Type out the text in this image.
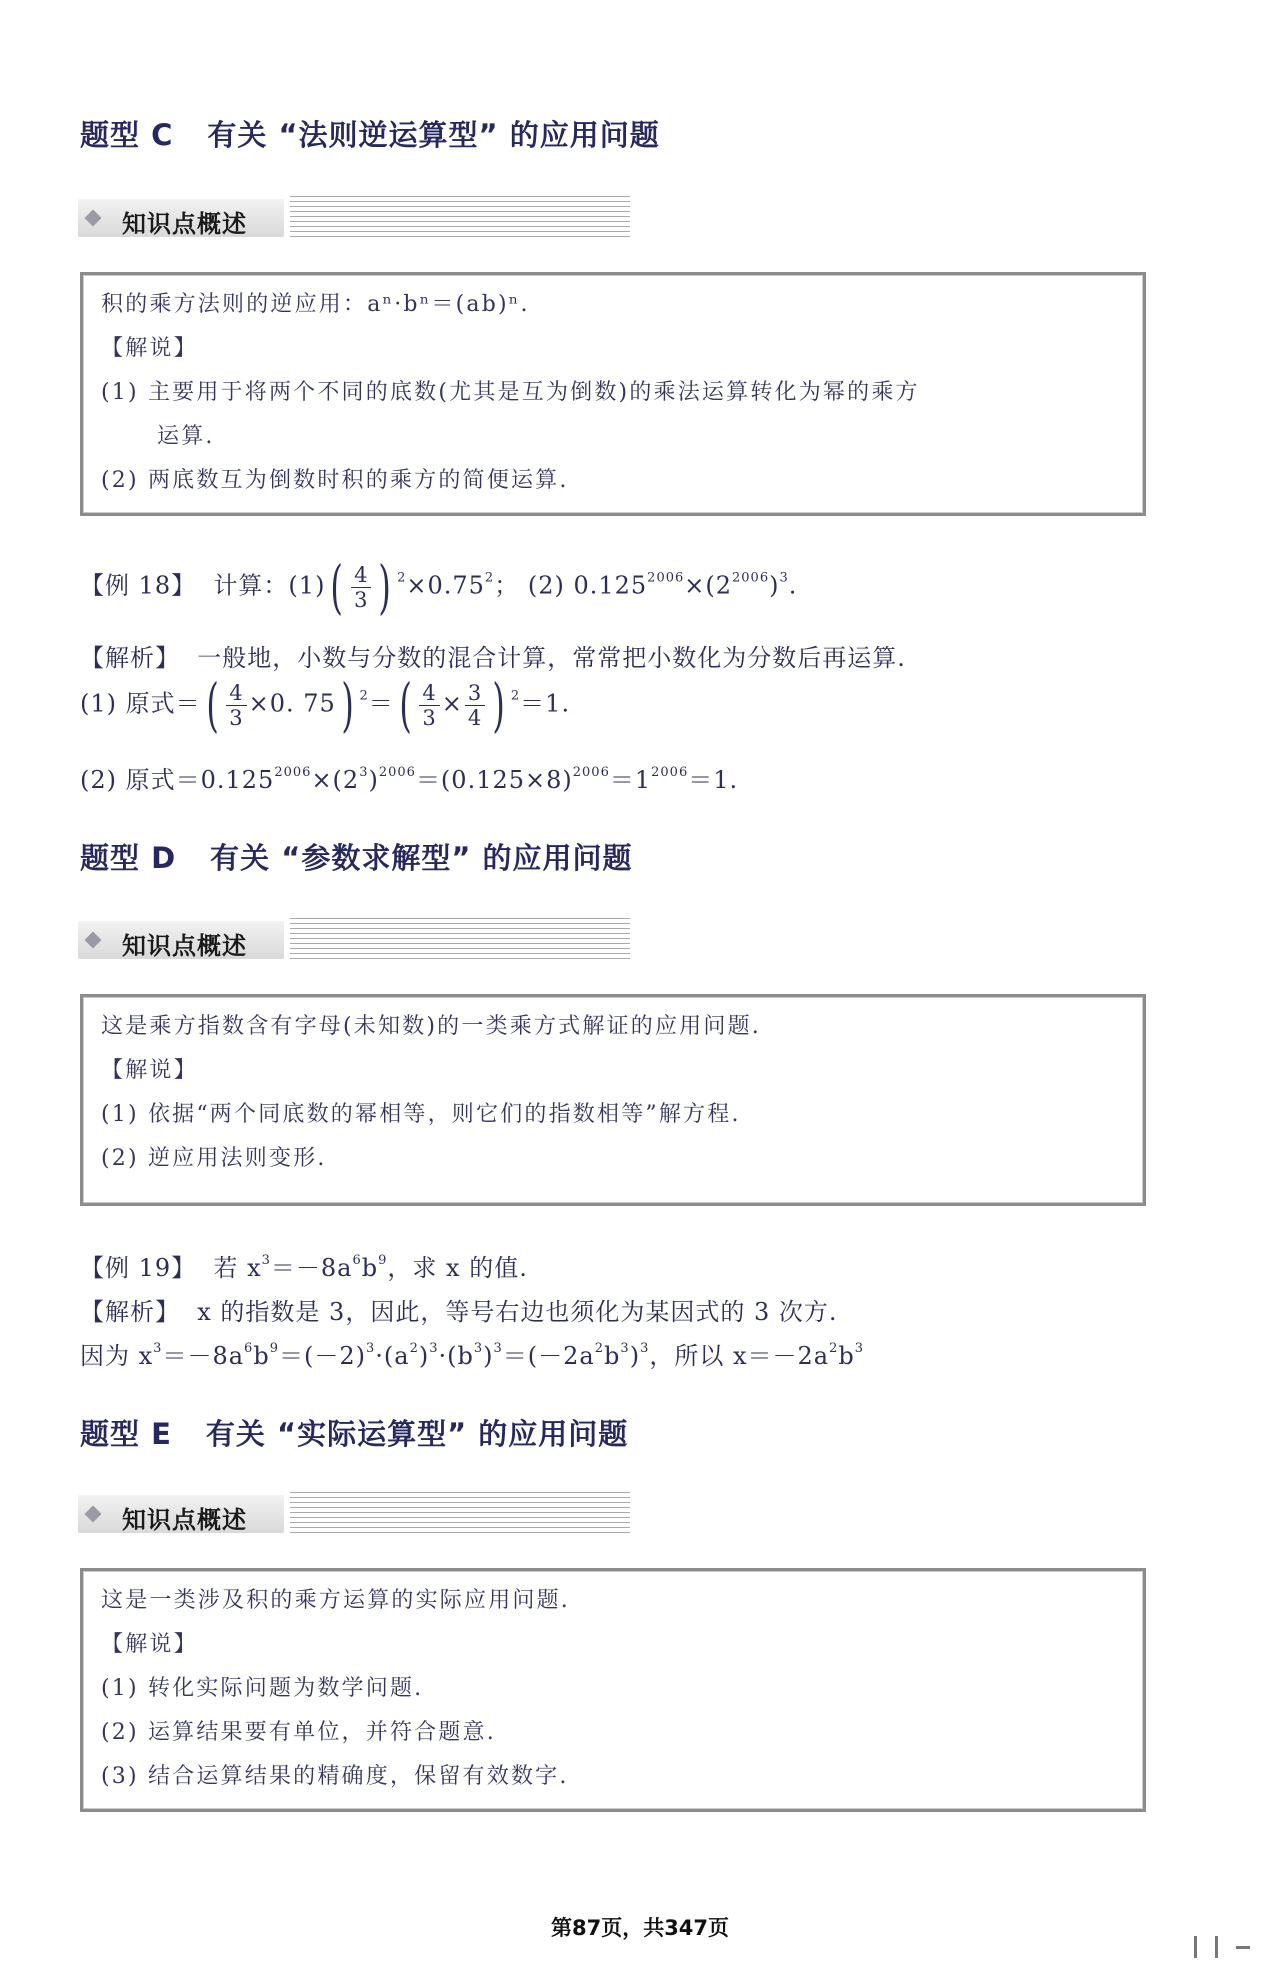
题型 C 有关 “法则逆运算型” 的应用问题
知识点概述
积的乘方法则的逆应用：aⁿ·bⁿ＝(ab)ⁿ.
【解说】
(1) 主要用于将两个不同的底数(尤其是互为倒数)的乘法运算转化为幂的乘方
运算.
(2) 两底数互为倒数时积的乘方的简便运算.
【例 18】 计算：$(1)( \frac{4}{3}$ ) $^2\times 0.75^2$； (2) $0.125^{2006}\times(2^{2006})^3$.
【解析】 一般地，小数与分数的混合计算，常常把小数化为分数后再运算.
(1) 原式＝( $\frac{4}{3} \times 0$. 75) $^2=( \frac{4}{3} \times \frac{3}{4}$ ) $^2$＝1.
(2) 原式$=0.125^{2006}\times(2^3)^{2006}=(0.125\times 8)^{2006}=1^{2006}=1$.
题型 D 有关 “参数求解型” 的应用问题
知识点概述
这是乘方指数含有字母(未知数)的一类乘方式解证的应用问题.
【解说】
(1) 依据“两个同底数的幂相等，则它们的指数相等”解方程.
(2) 逆应用法则变形.
【例 19】 若 $x^3=-8a^6b^9$，求 x 的值.
【解析】 x 的指数是 3，因此，等号右边也须化为某因式的 3 次方.
因为 $x^3=-8a^6b^9=(-2)^3\cdot(a^2)^3\cdot(b^3)^3=(-2a^2b^3)^3$，所以 $x=-2a^2b^3$
题型 E 有关 “实际运算型” 的应用问题
知识点概述
这是一类涉及积的乘方运算的实际应用问题.
【解说】
(1) 转化实际问题为数学问题.
(2) 运算结果要有单位，并符合题意.
(3) 结合运算结果的精确度，保留有效数字.
第87页，共347页
